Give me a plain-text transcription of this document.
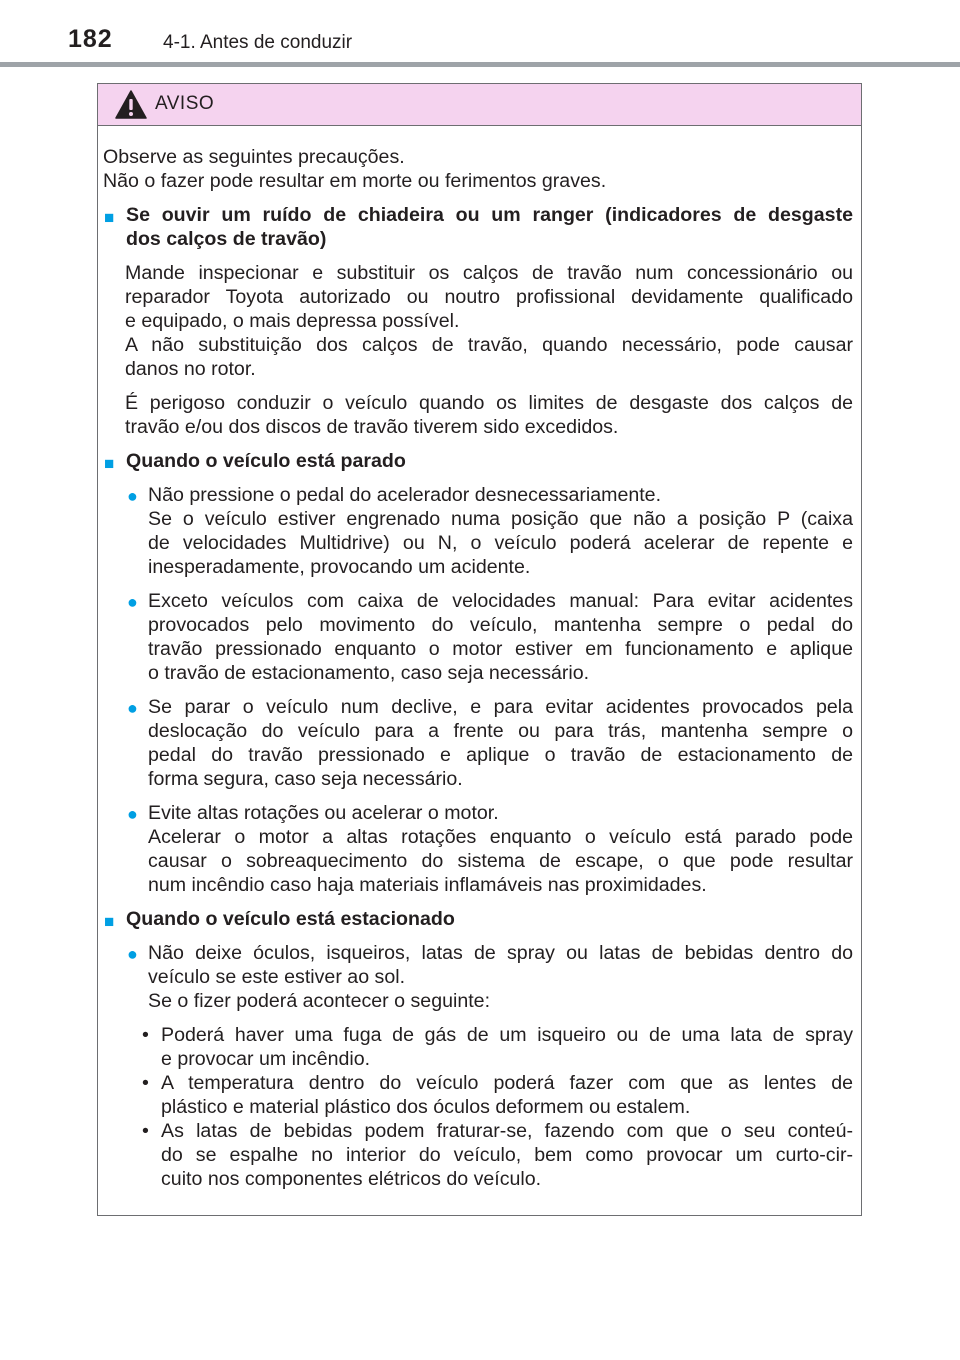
182	4-1. Antes de conduzir
AVISO
Observe as seguintes precauções.
Não o fazer pode resultar em morte ou ferimentos graves.
■ Se ouvir um ruído de chiadeira ou um ranger (indicadores de desgaste
dos calços de travão)
Mande inspecionar e substituir os calços de travão num concessionário ou
reparador Toyota autorizado ou noutro profissional devidamente qualificado
e equipado, o mais depressa possível.
A não substituição dos calços de travão, quando necessário, pode causar
danos no rotor.
É perigoso conduzir o veículo quando os limites de desgaste dos calços de
travão e/ou dos discos de travão tiverem sido excedidos.
■ Quando o veículo está parado
● Não pressione o pedal do acelerador desnecessariamente.
Se o veículo estiver engrenado numa posição que não a posição P (caixa
de velocidades Multidrive) ou N, o veículo poderá acelerar de repente e
inesperadamente, provocando um acidente.
● Exceto veículos com caixa de velocidades manual: Para evitar acidentes
provocados pelo movimento do veículo, mantenha sempre o pedal do
travão pressionado enquanto o motor estiver em funcionamento e aplique
o travão de estacionamento, caso seja necessário.
● Se parar o veículo num declive, e para evitar acidentes provocados pela
deslocação do veículo para a frente ou para trás, mantenha sempre o
pedal do travão pressionado e aplique o travão de estacionamento de
forma segura, caso seja necessário.
● Evite altas rotações ou acelerar o motor.
Acelerar o motor a altas rotações enquanto o veículo está parado pode
causar o sobreaquecimento do sistema de escape, o que pode resultar
num incêndio caso haja materiais inflamáveis nas proximidades.
■ Quando o veículo está estacionado
● Não deixe óculos, isqueiros, latas de spray ou latas de bebidas dentro do
veículo se este estiver ao sol.
Se o fizer poderá acontecer o seguinte:
• Poderá haver uma fuga de gás de um isqueiro ou de uma lata de spray
e provocar um incêndio.
• A temperatura dentro do veículo poderá fazer com que as lentes de
plástico e material plástico dos óculos deformem ou estalem.
• As latas de bebidas podem fraturar-se, fazendo com que o seu conteú-
do se espalhe no interior do veículo, bem como provocar um curto-cir-
cuito nos componentes elétricos do veículo.
